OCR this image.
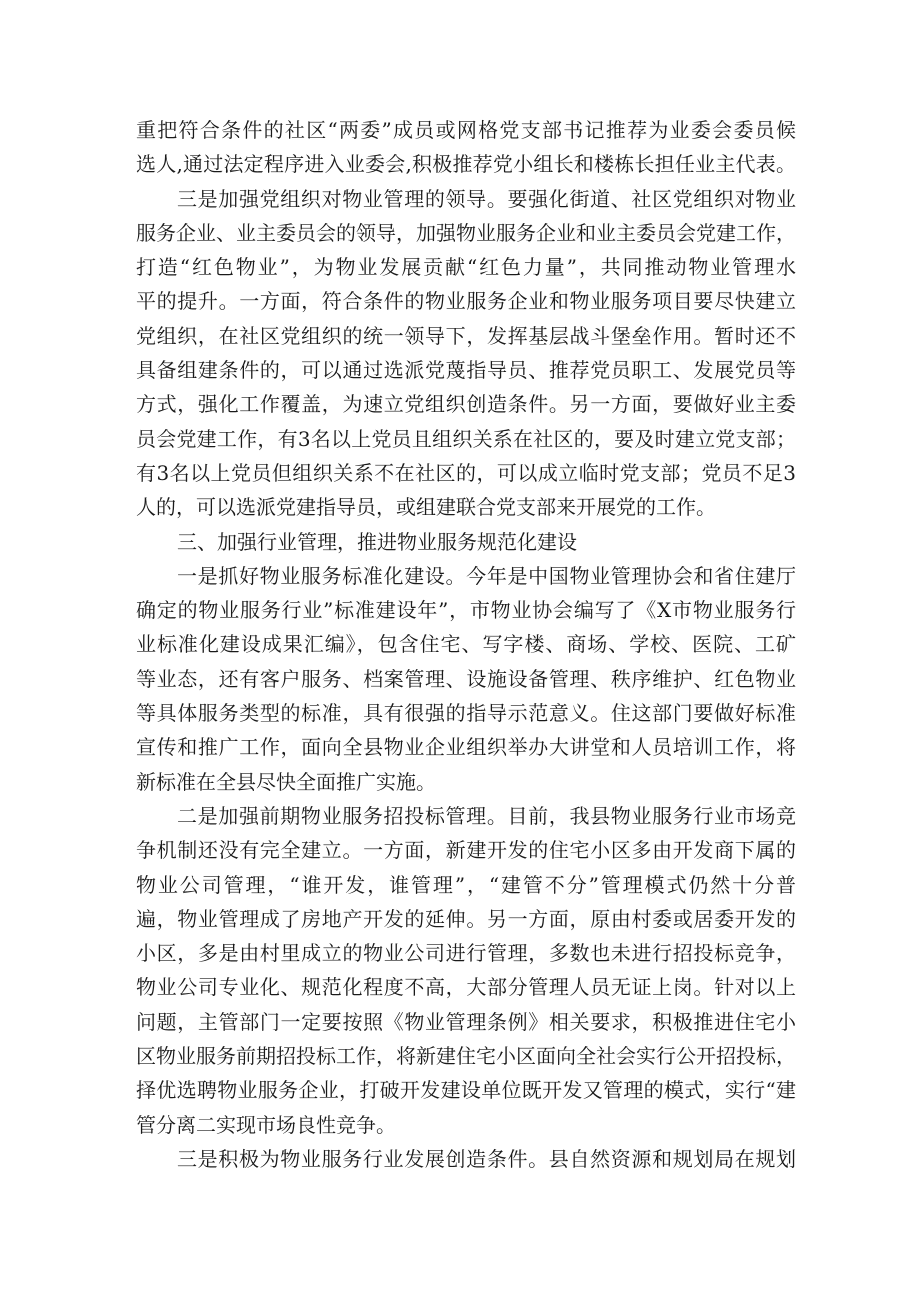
重把符合条件的社区“两委”成员或网格党支部书记推荐为业委会委员候
选人,通过法定程序进入业委会,积极推荐党小组长和楼栋长担任业主代表。
三是加强党组织对物业管理的领导。要强化街道、社区党组织对物业
服务企业、业主委员会的领导，加强物业服务企业和业主委员会党建工作，
打造“红色物业”，为物业发展贡献“红色力量”，共同推动物业管理水
平的提升。一方面，符合条件的物业服务企业和物业服务项目要尽快建立
党组织，在社区党组织的统一领导下，发挥基层战斗堡垒作用。暂时还不
具备组建条件的，可以通过选派党蔑指导员、推荐党员职工、发展党员等
方式，强化工作覆盖，为速立党组织创造条件。另一方面，要做好业主委
员会党建工作，有3名以上党员且组织关系在社区的，要及时建立党支部；
有3名以上党员但组织关系不在社区的，可以成立临时党支部；党员不足3
人的，可以选派党建指导员，或组建联合党支部来开展党的工作。
三、加强行业管理，推进物业服务规范化建设
一是抓好物业服务标准化建设。今年是中国物业管理协会和省住建厅
确定的物业服务行业”标准建设年”，市物业协会编写了《X市物业服务行
业标准化建设成果汇编》，包含住宅、写字楼、商场、学校、医院、工矿
等业态，还有客户服务、档案管理、设施设备管理、秩序维护、红色物业
等具体服务类型的标准，具有很强的指导示范意义。住这部门要做好标准
宣传和推广工作，面向全县物业企业组织举办大讲堂和人员培训工作，将
新标准在全县尽快全面推广实施。
二是加强前期物业服务招投标管理。目前，我县物业服务行业市场竞
争机制还没有完全建立。一方面，新建开发的住宅小区多由开发商下属的
物业公司管理，“谁开发，谁管理”，“建管不分”管理模式仍然十分普
遍，物业管理成了房地产开发的延伸。另一方面，原由村委或居委开发的
小区，多是由村里成立的物业公司进行管理，多数也未进行招投标竞争，
物业公司专业化、规范化程度不高，大部分管理人员无证上岗。针对以上
问题，主管部门一定要按照《物业管理条例》相关要求，积极推进住宅小
区物业服务前期招投标工作，将新建住宅小区面向全社会实行公开招投标，
择优选聘物业服务企业，打破开发建设单位既开发又管理的模式，实行“建
管分离二实现市场良性竞争。
三是积极为物业服务行业发展创造条件。县自然资源和规划局在规划
